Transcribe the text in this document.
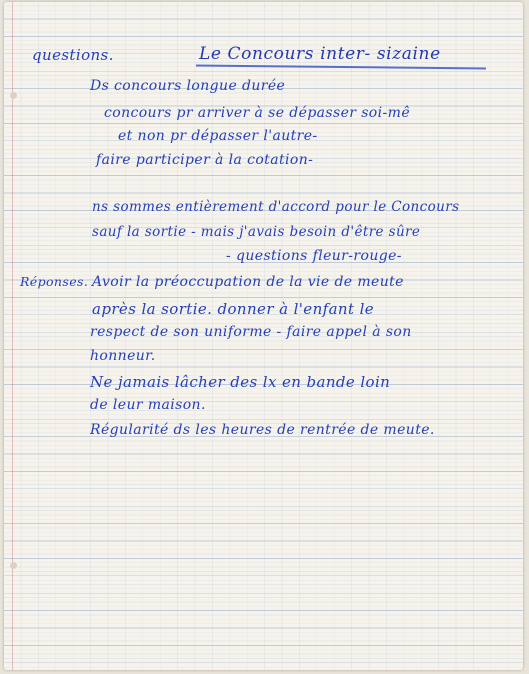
questions.	Le Concours inter- sizaine
Ds concours longue durée
concours pr arriver à se dépasser soi-mê
et non pr dépasser l'autre-
faire participer à la cotation-
ns sommes entièrement d'accord pour le Concours
sauf la sortie - mais j'avais besoin d'être sûre
- questions fleur-rouge-
Réponses. Avoir la préoccupation de la vie de meute
après la sortie. donner à l'enfant le
respect de son uniforme - faire appel à son
honneur.
Ne jamais lâcher des lx en bande loin
de leur maison.
Régularité ds les heures de rentrée de meute.
